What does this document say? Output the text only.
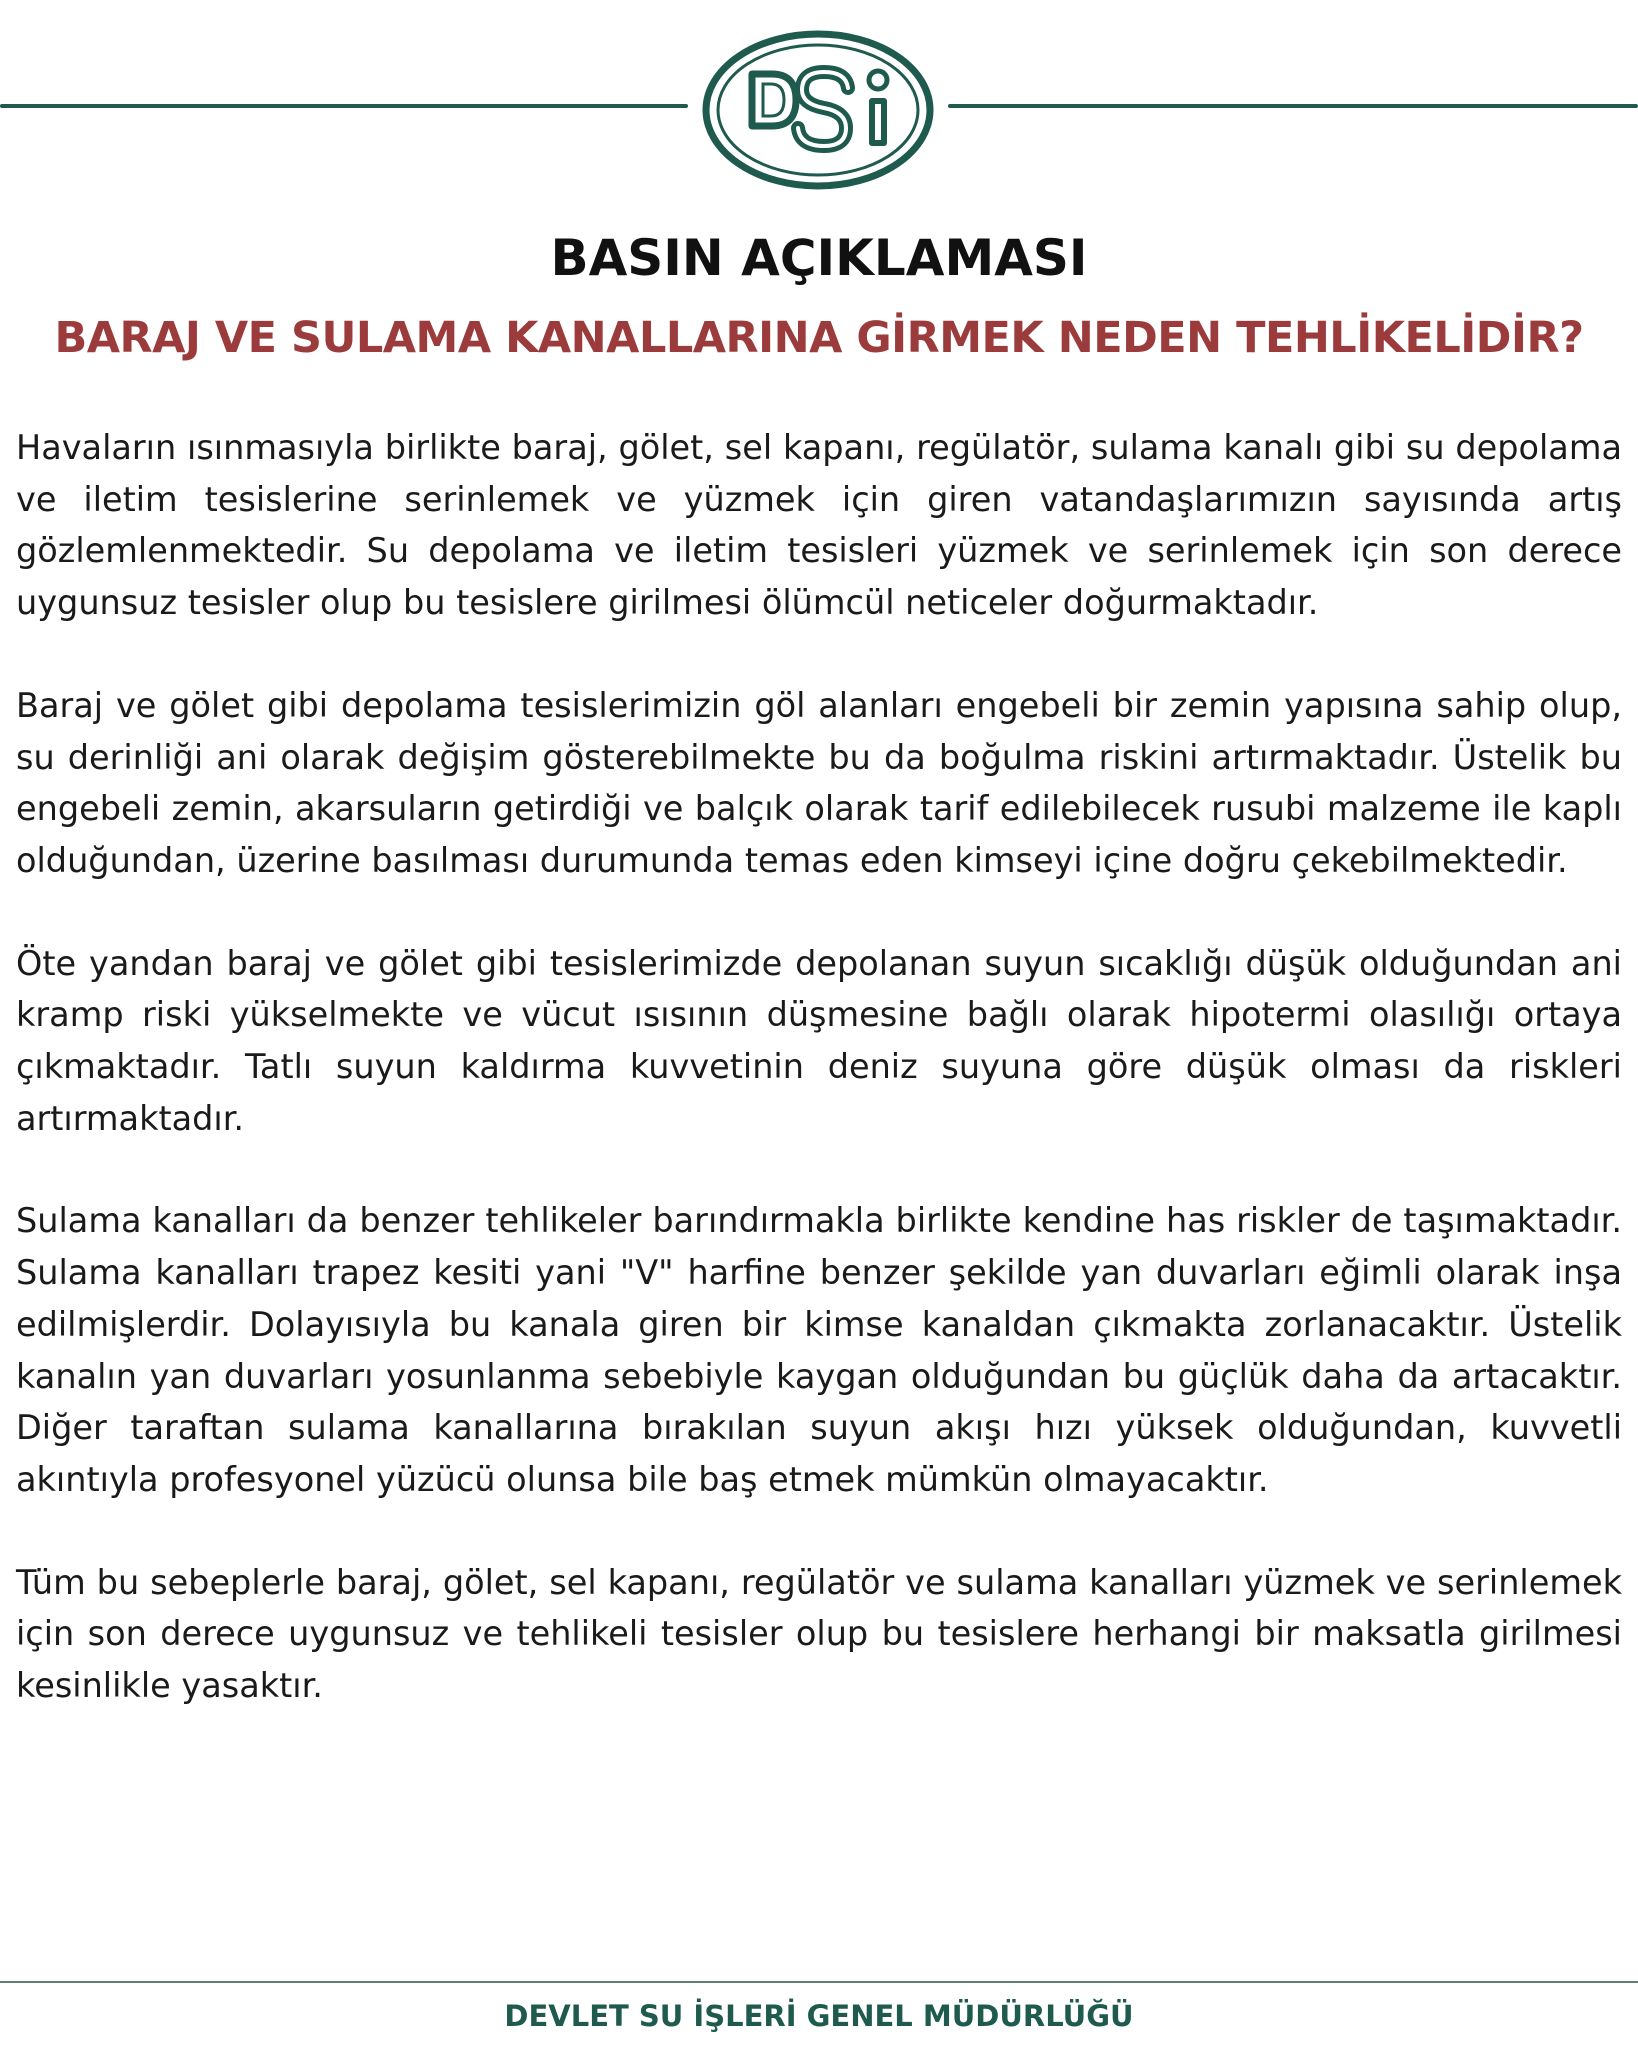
BASIN AÇIKLAMASI
BARAJ VE SULAMA KANALLARINA GİRMEK NEDEN TEHLİKELİDİR?

Havaların ısınmasıyla birlikte baraj, gölet, sel kapanı, regülatör, sulama kanalı gibi su depolama ve iletim tesislerine serinlemek ve yüzmek için giren vatandaşlarımızın sayısında artış gözlemlenmektedir. Su depolama ve iletim tesisleri yüzmek ve serinlemek için son derece uygunsuz tesisler olup bu tesislere girilmesi ölümcül neticeler doğurmaktadır.

Baraj ve gölet gibi depolama tesislerimizin göl alanları engebeli bir zemin yapısına sahip olup, su derinliği ani olarak değişim gösterebilmekte bu da boğulma riskini artırmaktadır. Üstelik bu engebeli zemin, akarsuların getirdiği ve balçık olarak tarif edilebilecek rusubi malzeme ile kaplı olduğundan, üzerine basılması durumunda temas eden kimseyi içine doğru çekebilmektedir.

Öte yandan baraj ve gölet gibi tesislerimizde depolanan suyun sıcaklığı düşük olduğundan ani kramp riski yükselmekte ve vücut ısısının düşmesine bağlı olarak hipotermi olasılığı ortaya çıkmaktadır. Tatlı suyun kaldırma kuvvetinin deniz suyuna göre düşük olması da riskleri artırmaktadır.

Sulama kanalları da benzer tehlikeler barındırmakla birlikte kendine has riskler de taşımaktadır. Sulama kanalları trapez kesiti yani "V" harfine benzer şekilde yan duvarları eğimli olarak inşa edilmişlerdir. Dolayısıyla bu kanala giren bir kimse kanaldan çıkmakta zorlanacaktır. Üstelik kanalın yan duvarları yosunlanma sebebiyle kaygan olduğundan bu güçlük daha da artacaktır. Diğer taraftan sulama kanallarına bırakılan suyun akışı hızı yüksek olduğundan, kuvvetli akıntıyla profesyonel yüzücü olunsa bile baş etmek mümkün olmayacaktır.

Tüm bu sebeplerle baraj, gölet, sel kapanı, regülatör ve sulama kanalları yüzmek ve serinlemek için son derece uygunsuz ve tehlikeli tesisler olup bu tesislere herhangi bir maksatla girilmesi kesinlikle yasaktır.

DEVLET SU İŞLERİ GENEL MÜDÜRLÜĞÜ
